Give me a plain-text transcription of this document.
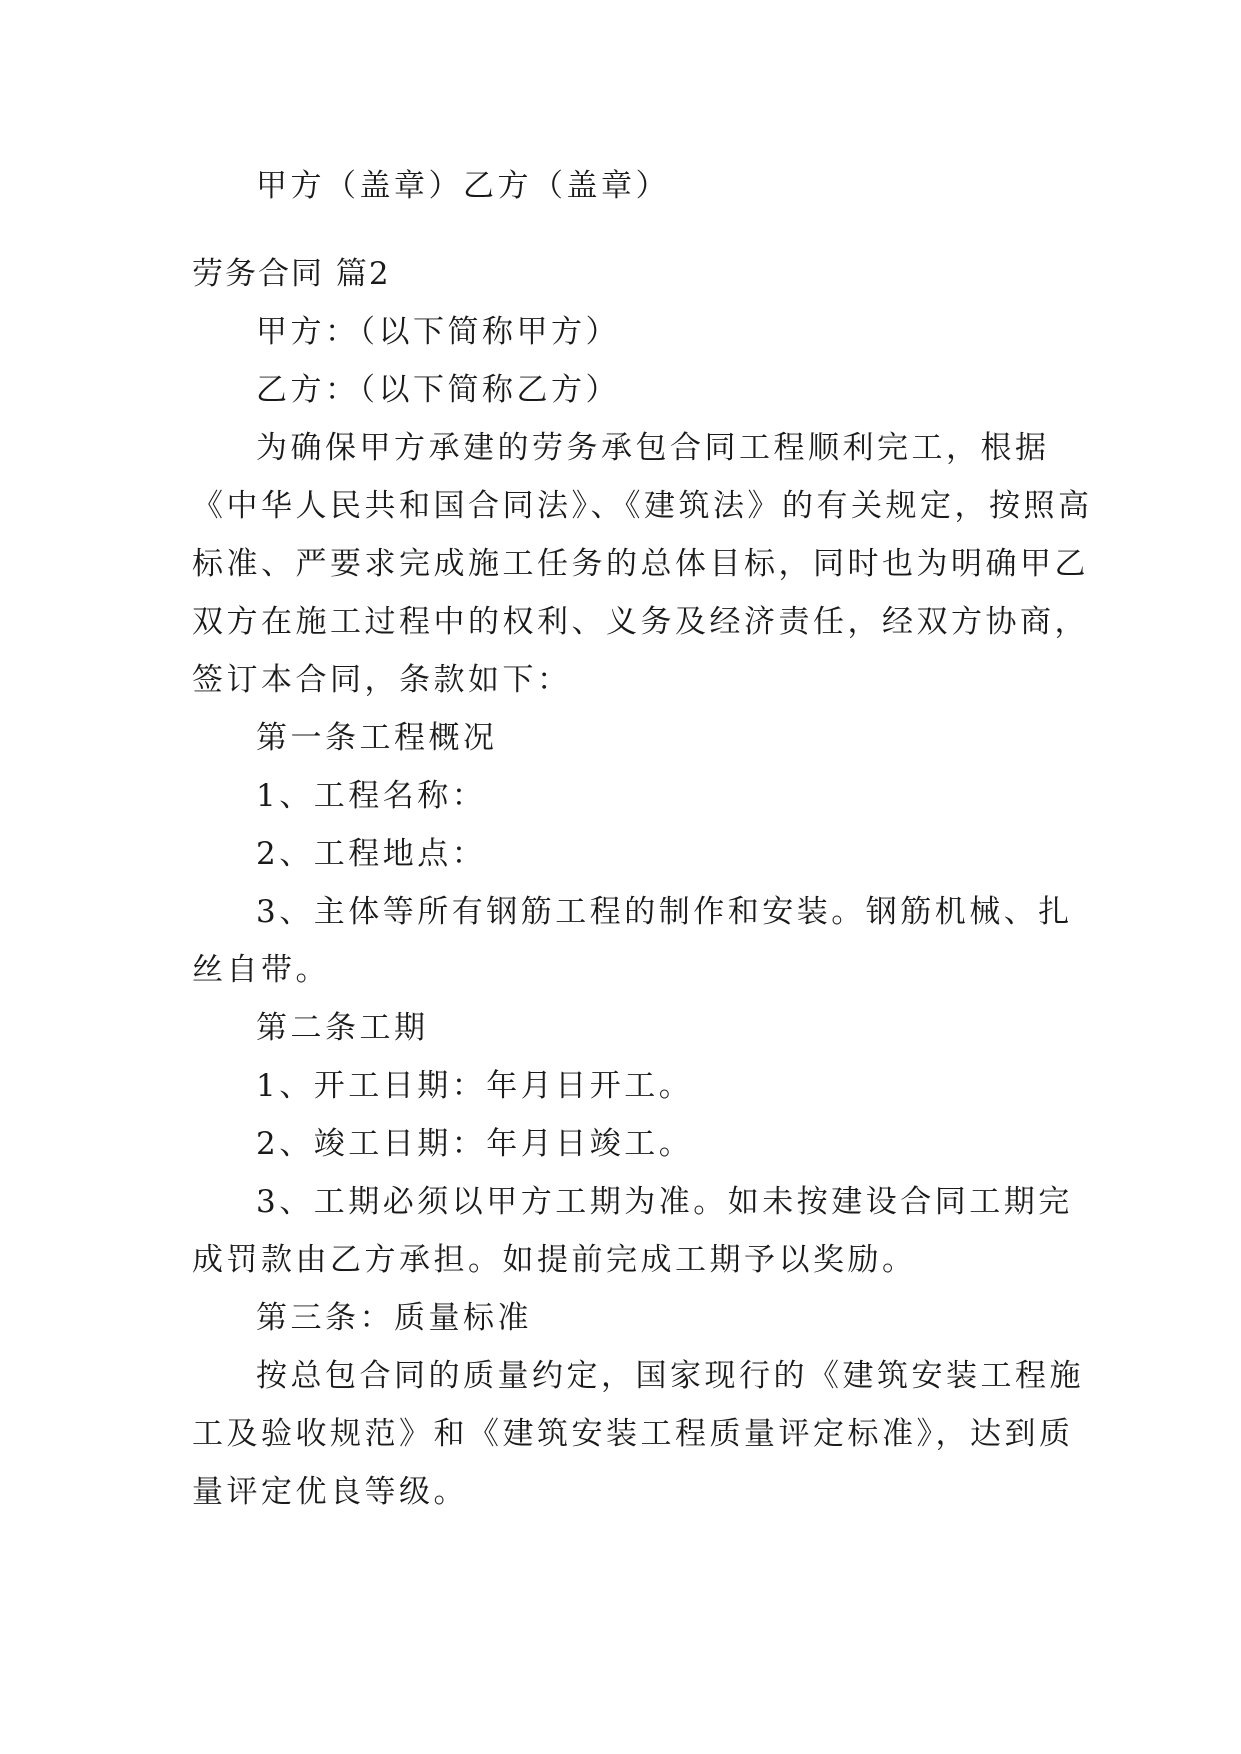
甲方（盖章）乙方（盖章）
劳务合同 篇2
甲方：（以下简称甲方）
乙方：（以下简称乙方）
为确保甲方承建的劳务承包合同工程顺利完工，根据
《中华人民共和国合同法》、《建筑法》的有关规定，按照高
标准、严要求完成施工任务的总体目标，同时也为明确甲乙
双方在施工过程中的权利、义务及经济责任，经双方协商，
签订本合同，条款如下：
第一条工程概况
1、工程名称：
2、工程地点：
3、主体等所有钢筋工程的制作和安装。钢筋机械、扎
丝自带。
第二条工期
1、开工日期：年月日开工。
2、竣工日期：年月日竣工。
3、工期必须以甲方工期为准。如未按建设合同工期完
成罚款由乙方承担。如提前完成工期予以奖励。
第三条：质量标准
按总包合同的质量约定，国家现行的《建筑安装工程施
工及验收规范》和《建筑安装工程质量评定标准》，达到质
量评定优良等级。
